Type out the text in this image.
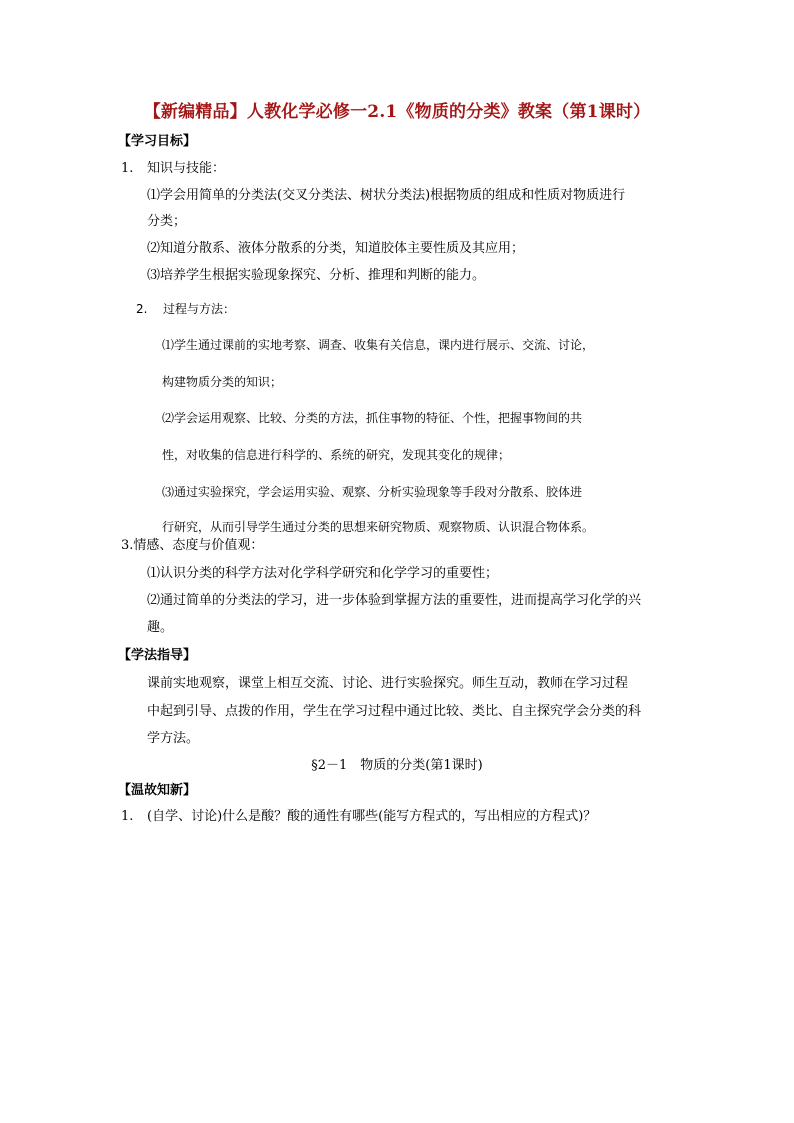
【新编精品】人教化学必修一2.1《物质的分类》教案（第1课时）
【学习目标】
1. 知识与技能：
⑴学会用简单的分类法(交叉分类法、树状分类法)根据物质的组成和性质对物质进行
分类；
⑵知道分散系、液体分散系的分类，知道胶体主要性质及其应用；
⑶培养学生根据实验现象探究、分析、推理和判断的能力。
2. 过程与方法：
⑴学生通过课前的实地考察、调查、收集有关信息，课内进行展示、交流、讨论，
构建物质分类的知识；
⑵学会运用观察、比较、分类的方法，抓住事物的特征、个性，把握事物间的共
性，对收集的信息进行科学的、系统的研究，发现其变化的规律；
⑶通过实验探究，学会运用实验、观察、分析实验现象等手段对分散系、胶体进
行研究，从而引导学生通过分类的思想来研究物质、观察物质、认识混合物体系。
3.情感、态度与价值观：
⑴认识分类的科学方法对化学科学研究和化学学习的重要性；
⑵通过简单的分类法的学习，进一步体验到掌握方法的重要性，进而提高学习化学的兴
趣。
【学法指导】
课前实地观察，课堂上相互交流、讨论、进行实验探究。师生互动，教师在学习过程
中起到引导、点拨的作用，学生在学习过程中通过比较、类比、自主探究学会分类的科
学方法。
§2－1　物质的分类(第1课时)
【温故知新】
1. (自学、讨论)什么是酸？酸的通性有哪些(能写方程式的，写出相应的方程式)？
